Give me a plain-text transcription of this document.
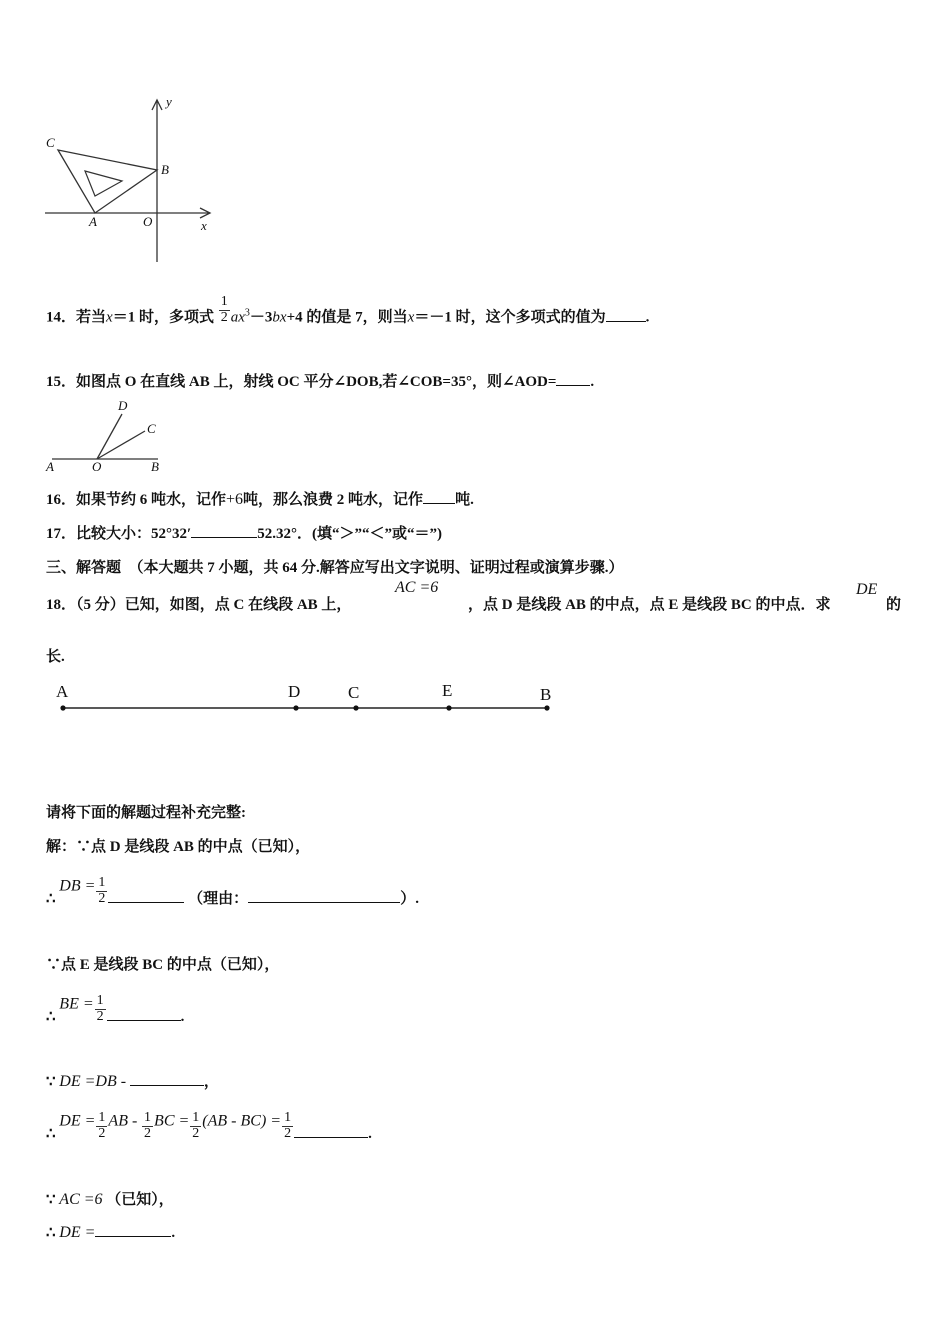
y
x
C
B
A	O
14．若当x＝1 时，多项式 $\frac{1}{2} ax^3-3bx+4$ 的值是 7，则当x＝－1 时，这个多项式的值为	.
15．如图点 O 在直线 AB 上，射线 OC 平分∠DOB,若∠COB=35°，则∠AOD= .
D
C
A	O	B
16．如果节约 6 吨水，记作+6吨，那么浪费 2 吨水，记作 吨.
17．比较大小：52°32′	52.32°．(填“＞”“＜”或“＝”)
三、解答题 （本大题共 7 小题，共 64 分.解答应写出文字说明、证明过程或演算步骤.）
18．（5 分）已知，如图，点 C 在线段 AB 上，
AC =6
，点 D 是线段 AB 的中点，点 E 是线段 BC 的中点．求
DE
的
长.
A	D	C	E	B
请将下面的解题过程补充完整:
解：∵点 D 是线段 AB 的中点（已知），
∴ DB = $\frac{1}{2}$	（理由：	）.
∵点 E 是线段 BC 的中点（已知），
∴ BE = $\frac{1}{2}$	.
∵ DE =DB -	，
∴ DE = $\frac{1}{2}$ AB - $\frac{1}{2}$ BC = $\frac{1}{2} (AB - BC) = \frac{1}{2}$	.
∵ AC =6 （已知），
∴ DE =	.
